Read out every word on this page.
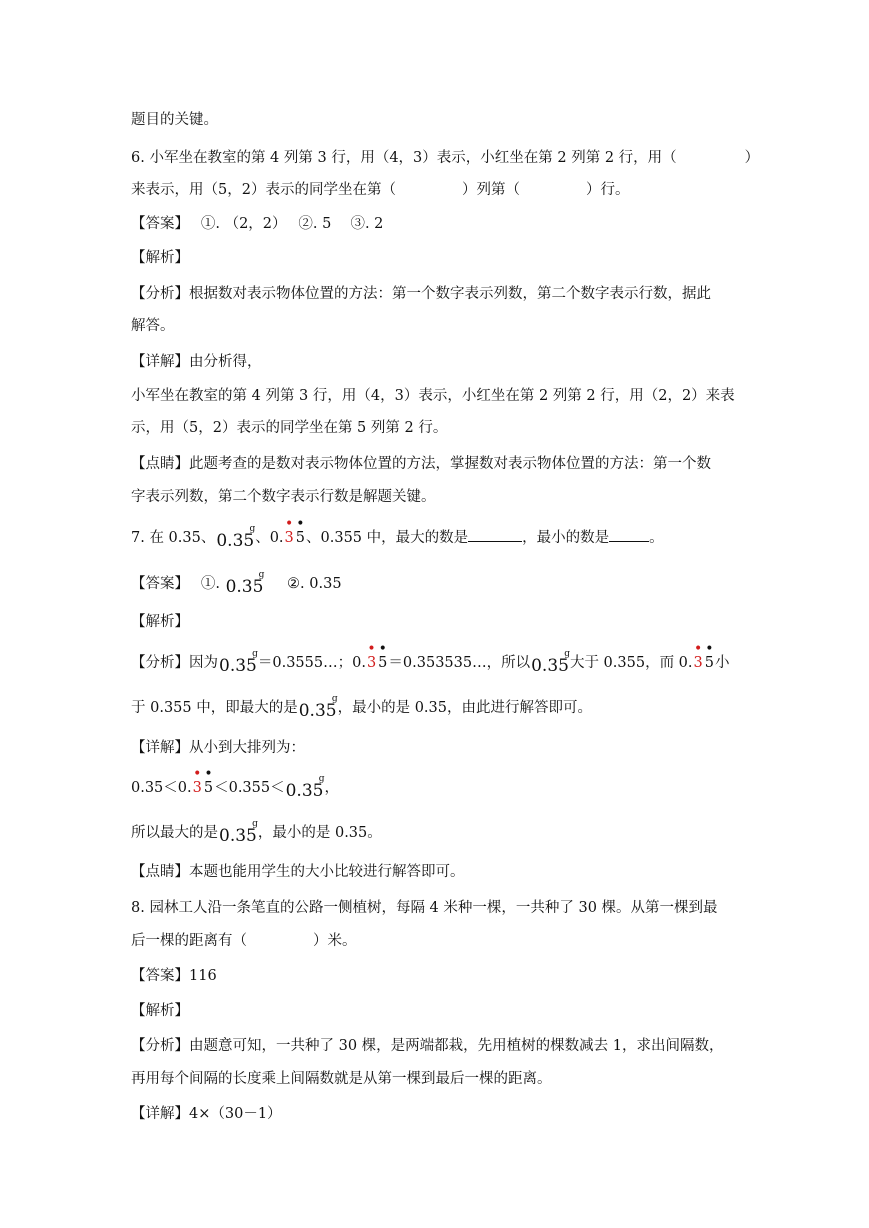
题目的关键。
6. 小军坐在教室的第 4 列第 3 行，用（4，3）表示，小红坐在第 2 列第 2 行，用（	）
来表示，用（5，2）表示的同学坐在第（	）列第（	）行。
【答案】　 ①. （2，2）　 ②. 5　 ③. 2
【解析】
【分析】根据数对表示物体位置的方法：第一个数字表示列数，第二个数字表示行数，据此
解答。
【详解】由分析得，
小军坐在教室的第 4 列第 3 行，用（4，3）表示，小红坐在第 2 列第 2 行，用（2，2）来表
示，用（5，2）表示的同学坐在第 5 列第 2 行。
【点睛】此题考查的是数对表示物体位置的方法，掌握数对表示物体位置的方法：第一个数
字表示列数，第二个数字表示行数是解题关键。
7. 在 0.35、0.35
g
、0.
•
3
•
5、0.355 中，最大的数是	，最小的数是	。
【答案】　 ①. 0.35
g
②. 0.35
【解析】
【分析】因为0.35
g
＝0.3555…；0.
•
3
•
5＝0.353535…，所以0.35
g
大于 0.355，而 0.
•
3
•
5小
于 0.355 中，即最大的是0.35
g
，最小的是 0.35，由此进行解答即可。
【详解】从小到大排列为：
0.35＜0.
•
3
•
5＜0.355＜0.35
g
，
所以最大的是0.35
g
，最小的是 0.35。
【点睛】本题也能用学生的大小比较进行解答即可。
8. 园林工人沿一条笔直的公路一侧植树，每隔 4 米种一棵，一共种了 30 棵。从第一棵到最
后一棵的距离有（	）米。
【答案】116
【解析】
【分析】由题意可知，一共种了 30 棵，是两端都栽，先用植树的棵数减去 1，求出间隔数，
再用每个间隔的长度乘上间隔数就是从第一棵到最后一棵的距离。
【详解】4×（30－1）
